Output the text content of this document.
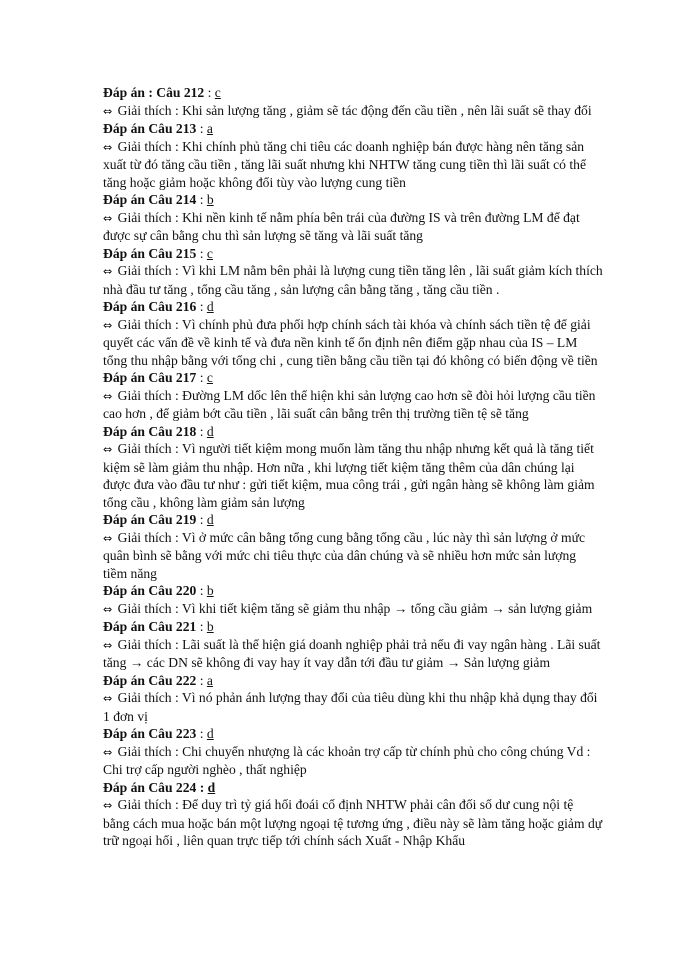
Đáp án : Câu 212 : c
⇔ Giải thích : Khi sản lượng tăng , giảm sẽ tác động đến cầu tiền , nên lãi suất sẽ thay đổi
Đáp án Câu 213 : a
⇔ Giải thích : Khi chính phủ tăng chi tiêu các doanh nghiệp bán được hàng nên tăng sản xuất từ đó tăng cầu tiền , tăng lãi suất nhưng khi NHTW tăng cung tiền thì lãi suất có thể tăng hoặc giảm hoặc không đổi tùy vào lượng cung tiền
Đáp án Câu 214 : b
⇔ Giải thích : Khi nền kinh tế nằm phía bên trái của đường IS và trên đường LM để đạt được sự cân bằng chu thì sản lượng sẽ tăng và lãi suất tăng
Đáp án Câu 215 : c
⇔ Giải thích : Vì khi LM nằm bên phải là lượng cung tiền tăng lên , lãi suất giảm kích thích nhà đầu tư tăng , tổng cầu tăng , sản lượng cân bằng tăng , tăng cầu tiền .
Đáp án Câu 216 : d
⇔ Giải thích : Vì chính phủ đưa phối hợp chính sách tài khóa và chính sách tiền tệ để giải quyết các vấn đề về kinh tế và đưa nền kinh tế ổn định nên điểm gặp nhau của IS – LM tổng thu nhập bằng với tổng chi , cung tiền bằng cầu tiền tại đó không có biến động về tiền
Đáp án Câu 217 : c
⇔ Giải thích : Đường LM dốc lên thể hiện khi sản lượng cao hơn sẽ đòi hỏi lượng cầu tiền cao hơn , để giảm bớt cầu tiền , lãi suất cân bằng trên thị trường tiền tệ sẽ tăng
Đáp án Câu 218 : d
⇔ Giải thích : Vì người tiết kiệm mong muốn làm tăng thu nhập nhưng kết quả là tăng tiết kiệm sẽ làm giảm thu nhập. Hơn nữa , khi lượng tiết kiệm tăng thêm của dân chúng lại được đưa vào đầu tư như : gửi tiết kiệm, mua công trái , gửi ngân hàng sẽ không làm giảm tổng cầu , không làm giảm sản lượng
Đáp án Câu 219 : d
⇔ Giải thích : Vì ở mức cân bằng tổng cung bằng tổng cầu , lúc này thì sản lượng ở mức quân bình sẽ bằng với mức chi tiêu thực của dân chúng và sẽ nhiều hơn mức sản lượng tiềm năng
Đáp án Câu 220 : b
⇔ Giải thích : Vì khi tiết kiệm tăng sẽ giảm thu nhập → tổng cầu giảm → sản lượng giảm
Đáp án Câu 221 : b
⇔ Giải thích : Lãi suất là thể hiện giá doanh nghiệp phải trả nếu đi vay ngân hàng . Lãi suất tăng → các DN sẽ không đi vay hay ít vay dẫn tới đầu tư giảm → Sản lượng giảm
Đáp án Câu 222 : a
⇔ Giải thích : Vì nó phản ánh lượng thay đổi của tiêu dùng khi thu nhập khả dụng thay đổi 1 đơn vị
Đáp án Câu 223 : d
⇔ Giải thích : Chi chuyển nhượng là các khoản trợ cấp từ chính phủ cho công chúng Vd : Chi trợ cấp người nghèo , thất nghiệp
Đáp án Câu 224 : d
⇔ Giải thích : Để duy trì tỷ giá hối đoái cố định NHTW phải cân đối số dư cung nội tệ bằng cách mua hoặc bán một lượng ngoại tệ tương ứng , điều này sẽ làm tăng hoặc giảm dự trữ ngoại hối , liên quan trực tiếp tới chính sách Xuất - Nhập Khẩu
